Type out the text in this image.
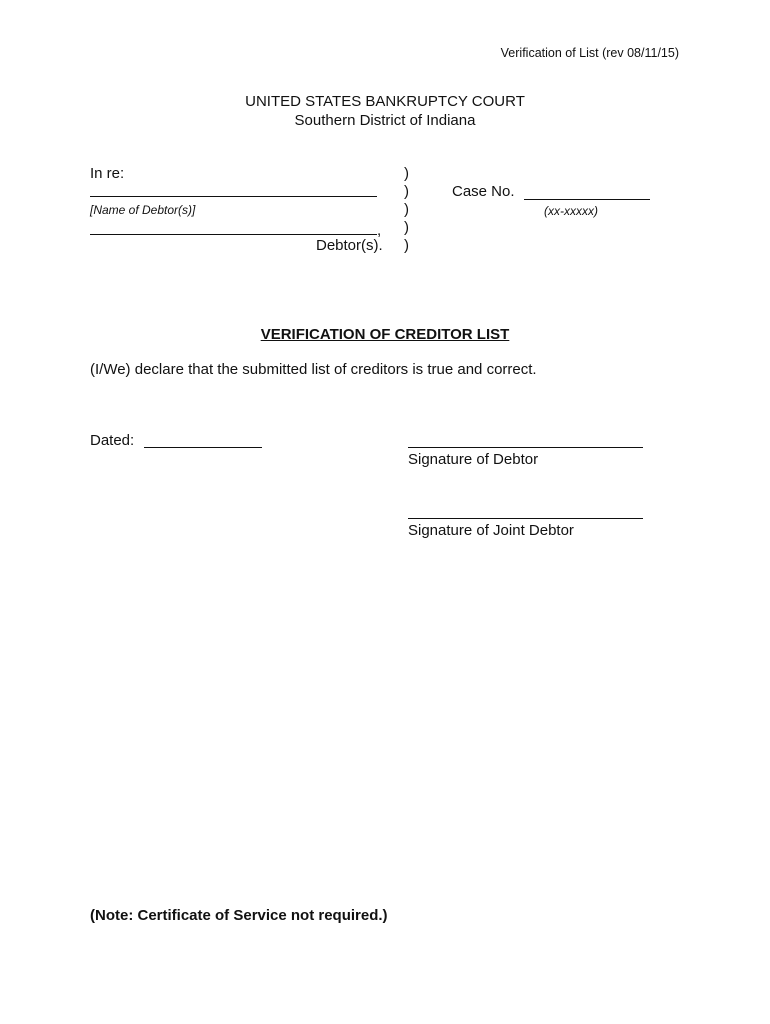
Verification of List (rev 08/11/15)
UNITED STATES BANKRUPTCY COURT
Southern District of Indiana
In re:
[Name of Debtor(s)]
,
Debtor(s).
)
)
)
)
)
Case No.
(xx-xxxxx)
VERIFICATION OF CREDITOR LIST
(I/We) declare that the submitted list of creditors is true and correct.
Dated:
Signature of Debtor
Signature of Joint Debtor
(Note: Certificate of Service not required.)
